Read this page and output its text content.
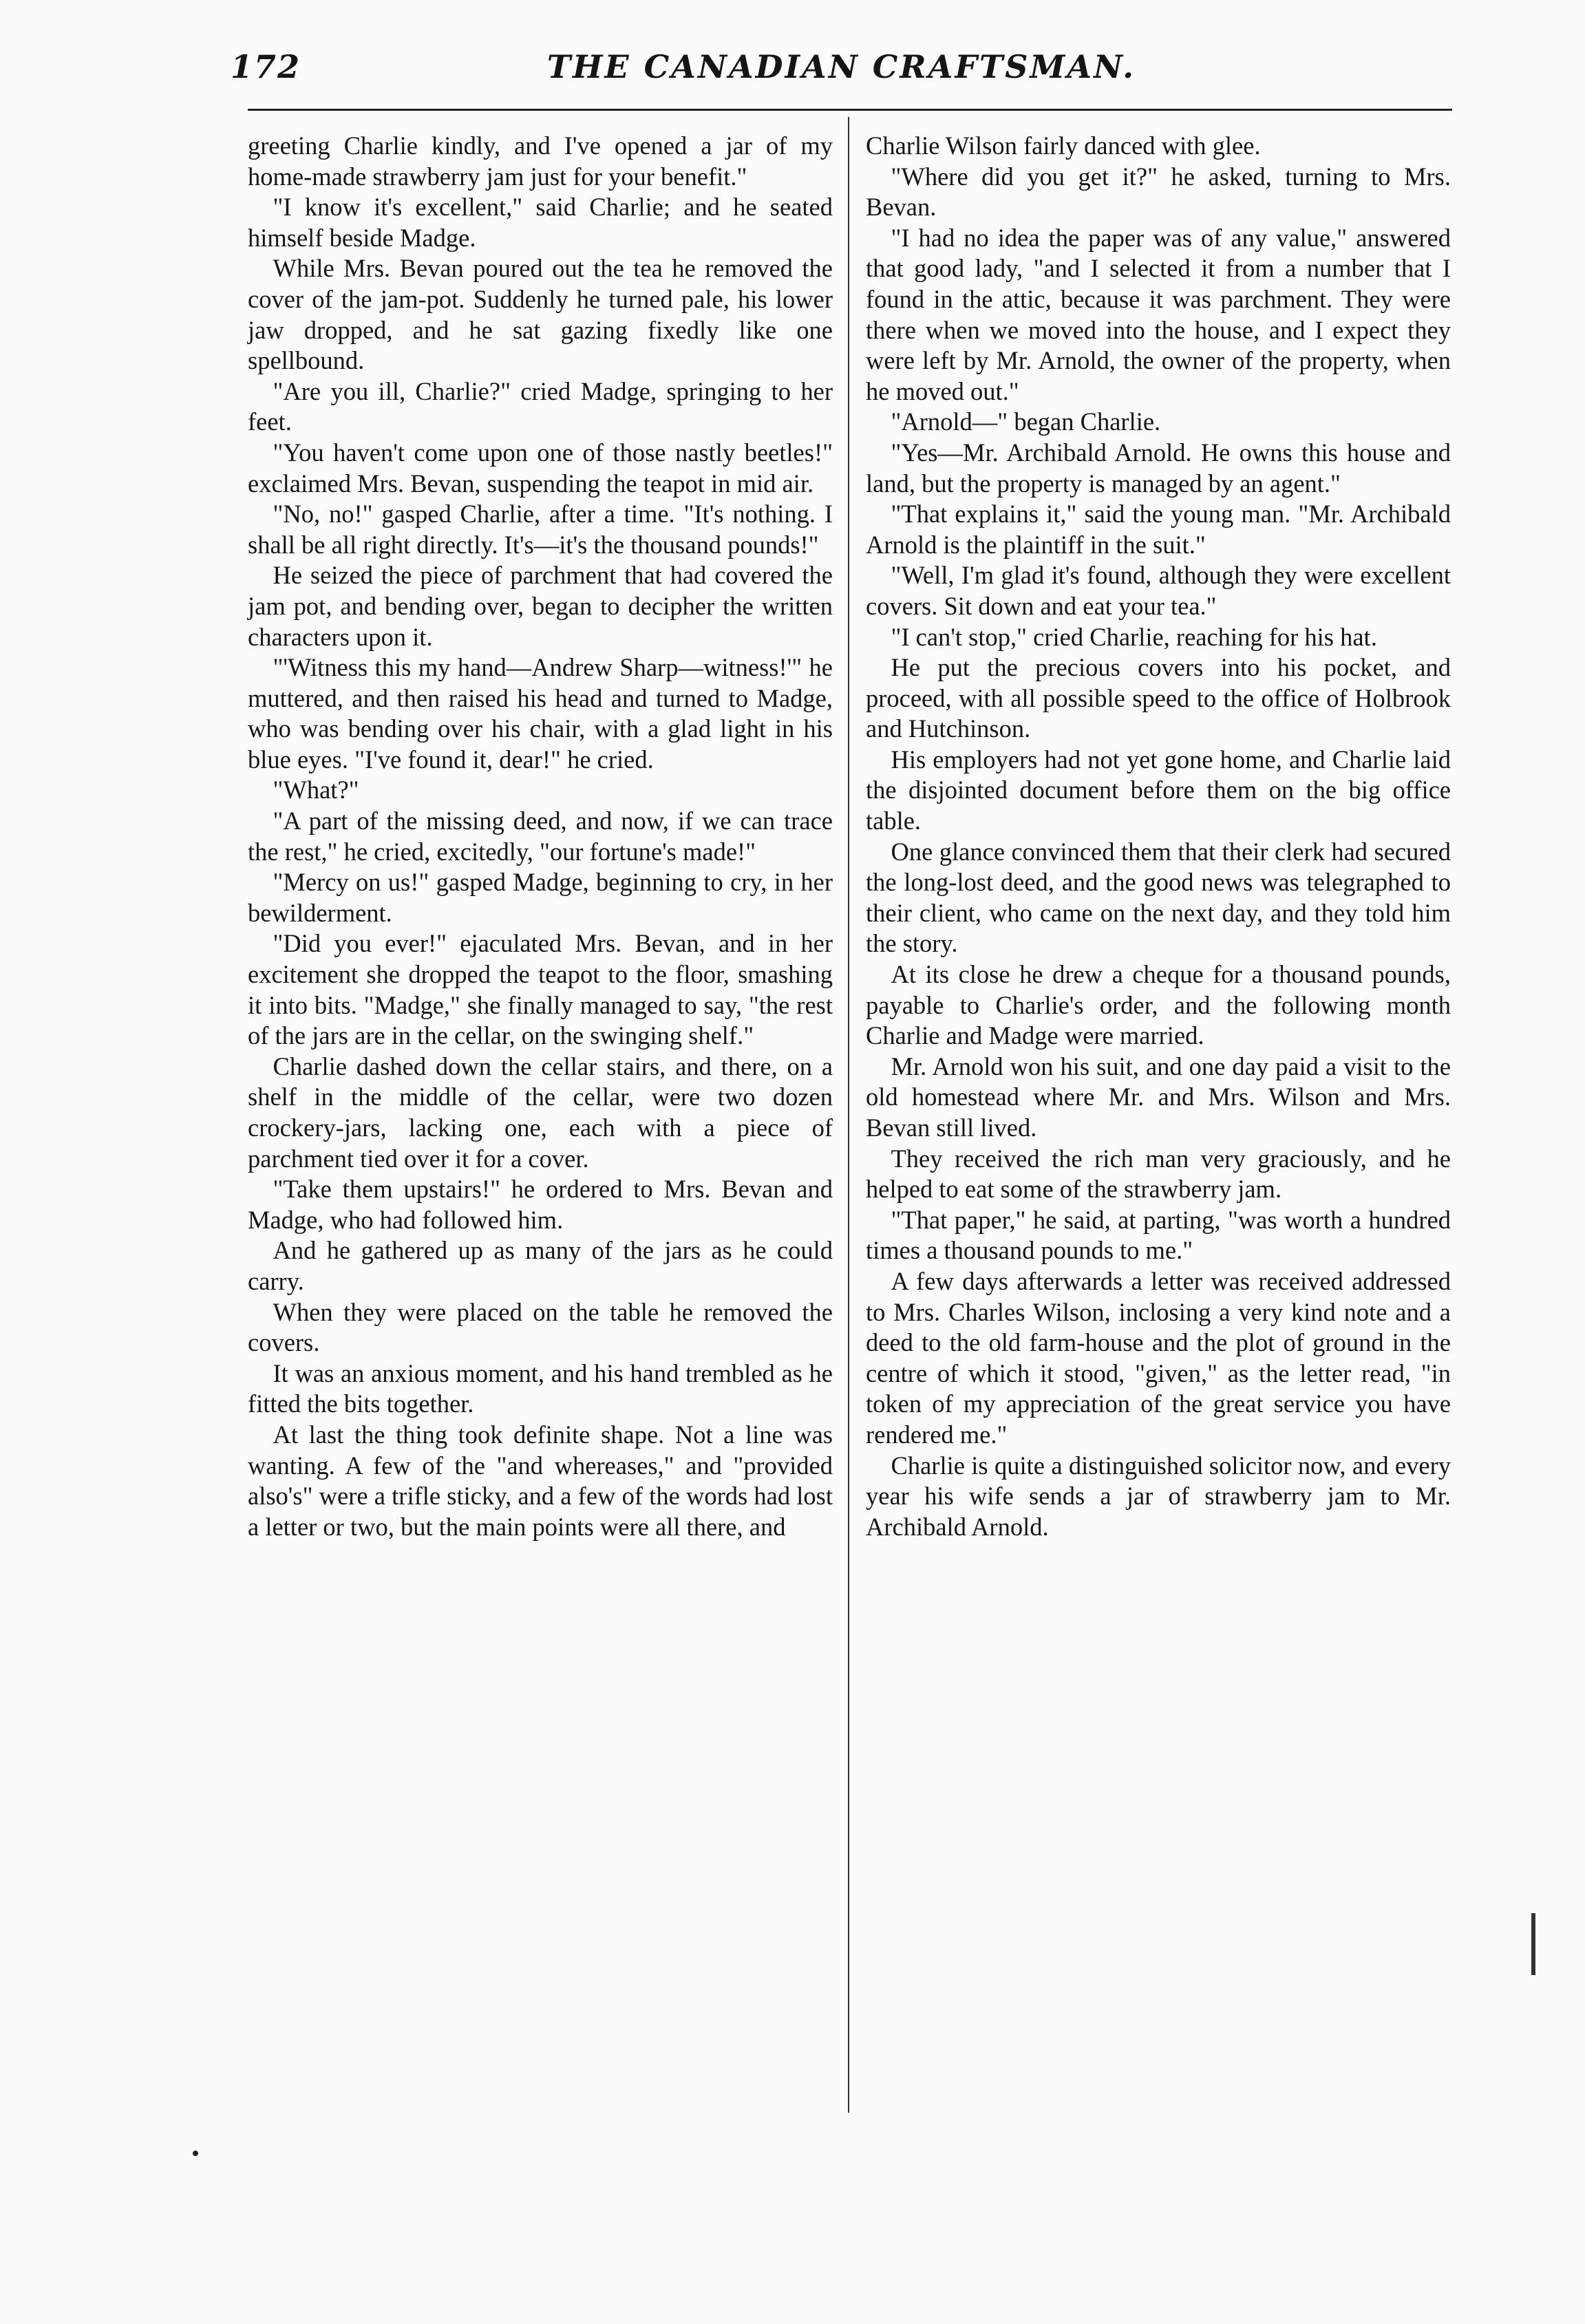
172	THE CANADIAN CRAFTSMAN.

greeting Charlie kindly, and I've opened a jar of my home-made strawberry jam just for your benefit."

"I know it's excellent," said Charlie; and he seated himself beside Madge.

While Mrs. Bevan poured out the tea he removed the cover of the jam-pot. Suddenly he turned pale, his lower jaw dropped, and he sat gazing fixedly like one spellbound.

"Are you ill, Charlie?" cried Madge, springing to her feet.

"You haven't come upon one of those nastly beetles!" exclaimed Mrs. Bevan, suspending the teapot in mid air.

"No, no!" gasped Charlie, after a time. "It's nothing. I shall be all right directly. It's—it's the thousand pounds!"

He seized the piece of parchment that had covered the jam pot, and bending over, began to decipher the written characters upon it.

"'Witness this my hand—Andrew Sharp—witness!'" he muttered, and then raised his head and turned to Madge, who was bending over his chair, with a glad light in his blue eyes. "I've found it, dear!" he cried.

"What?"

"A part of the missing deed, and now, if we can trace the rest," he cried, excitedly, "our fortune's made!"

"Mercy on us!" gasped Madge, beginning to cry, in her bewilderment.

"Did you ever!" ejaculated Mrs. Bevan, and in her excitement she dropped the teapot to the floor, smashing it into bits. "Madge," she finally managed to say, "the rest of the jars are in the cellar, on the swinging shelf."

Charlie dashed down the cellar stairs, and there, on a shelf in the middle of the cellar, were two dozen crockery-jars, lacking one, each with a piece of parchment tied over it for a cover.

"Take them upstairs!" he ordered to Mrs. Bevan and Madge, who had followed him.

And he gathered up as many of the jars as he could carry.

When they were placed on the table he removed the covers.

It was an anxious moment, and his hand trembled as he fitted the bits together.

At last the thing took definite shape. Not a line was wanting. A few of the "and whereases," and "provided also's" were a trifle sticky, and a few of the words had lost a letter or two, but the main points were all there, and

Charlie Wilson fairly danced with glee.

"Where did you get it?" he asked, turning to Mrs. Bevan.

"I had no idea the paper was of any value," answered that good lady, "and I selected it from a number that I found in the attic, because it was parchment. They were there when we moved into the house, and I expect they were left by Mr. Arnold, the owner of the property, when he moved out."

"Arnold—" began Charlie.

"Yes—Mr. Archibald Arnold. He owns this house and land, but the property is managed by an agent."

"That explains it," said the young man. "Mr. Archibald Arnold is the plaintiff in the suit."

"Well, I'm glad it's found, although they were excellent covers. Sit down and eat your tea."

"I can't stop," cried Charlie, reaching for his hat.

He put the precious covers into his pocket, and proceed, with all possible speed to the office of Holbrook and Hutchinson.

His employers had not yet gone home, and Charlie laid the disjointed document before them on the big office table.

One glance convinced them that their clerk had secured the long-lost deed, and the good news was telegraphed to their client, who came on the next day, and they told him the story.

At its close he drew a cheque for a thousand pounds, payable to Charlie's order, and the following month Charlie and Madge were married.

Mr. Arnold won his suit, and one day paid a visit to the old homestead where Mr. and Mrs. Wilson and Mrs. Bevan still lived.

They received the rich man very graciously, and he helped to eat some of the strawberry jam.

"That paper," he said, at parting, "was worth a hundred times a thousand pounds to me."

A few days afterwards a letter was received addressed to Mrs. Charles Wilson, inclosing a very kind note and a deed to the old farm-house and the plot of ground in the centre of which it stood, "given," as the letter read, "in token of my appreciation of the great service you have rendered me."

Charlie is quite a distinguished solicitor now, and every year his wife sends a jar of strawberry jam to Mr. Archibald Arnold.
